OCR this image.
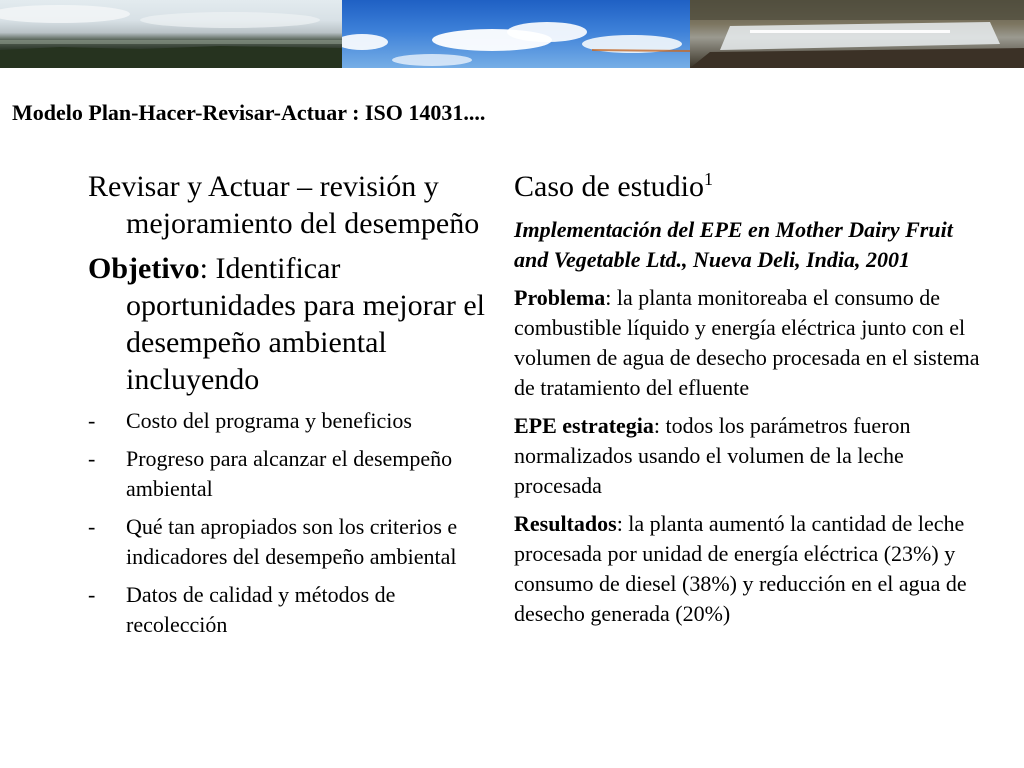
Modelo Plan-Hacer-Revisar-Actuar : ISO 14031....

Revisar y Actuar – revisión y mejoramiento del desempeño

Objetivo: Identificar oportunidades para mejorar el desempeño ambiental incluyendo

- Costo del programa y beneficios
- Progreso para alcanzar el desempeño ambiental
- Qué tan apropiados son los criterios e indicadores del desempeño ambiental
- Datos de calidad y métodos de recolección

Caso de estudio$^1$

Implementación del EPE en Mother Dairy Fruit and Vegetable Ltd., Nueva Deli, India, 2001

Problema: la planta monitoreaba el consumo de combustible líquido y energía eléctrica junto con el volumen de agua de desecho procesada en el sistema de tratamiento del efluente

EPE estrategia: todos los parámetros fueron normalizados usando el volumen de la leche procesada

Resultados: la planta aumentó la cantidad de leche procesada por unidad de energía eléctrica (23%) y consumo de diesel (38%) y reducción en el agua de desecho generada (20%)
